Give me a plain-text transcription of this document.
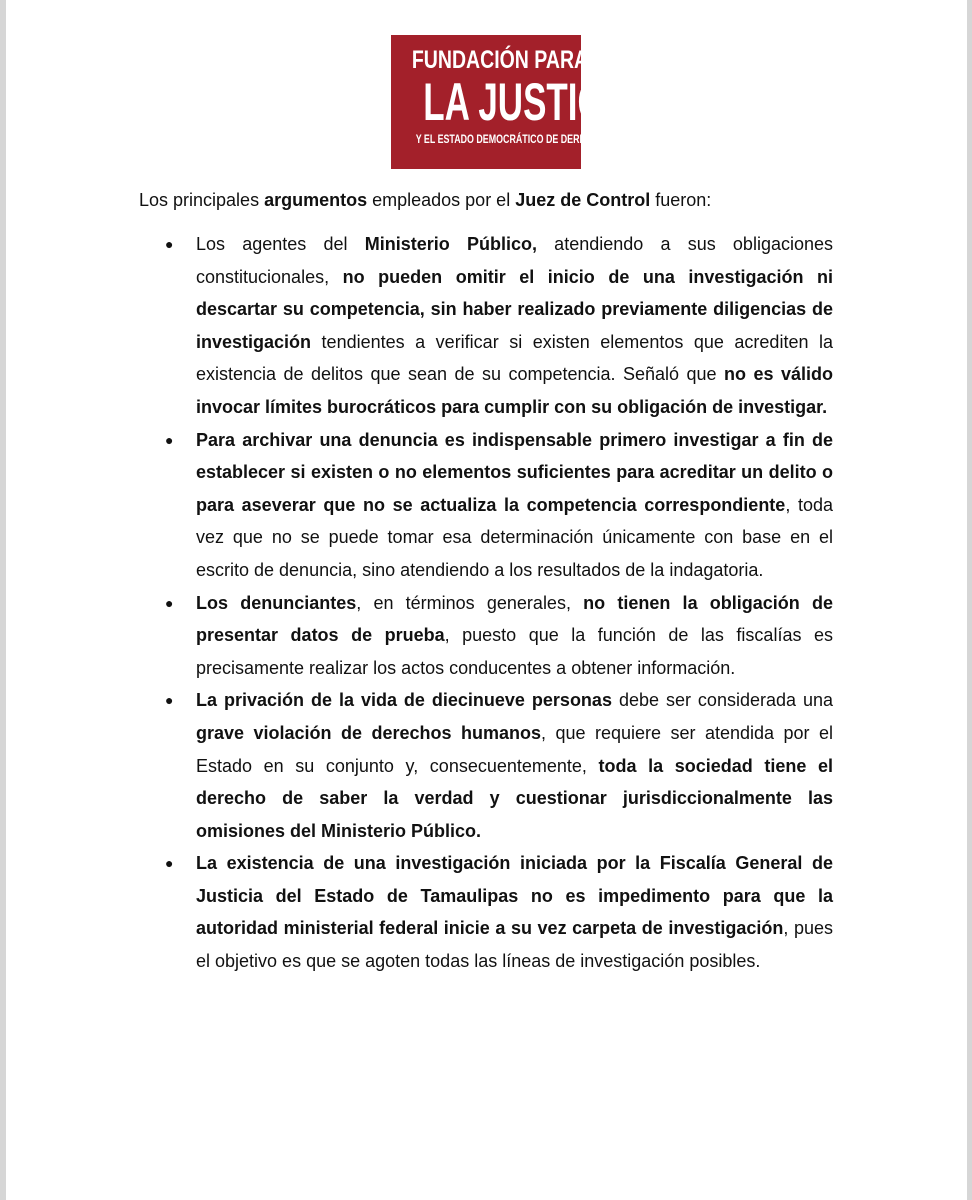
FUNDACIÓN PARA
LA JUSTICIA
Y EL ESTADO DEMOCRÁTICO DE DERECHO

Los principales argumentos empleados por el Juez de Control fueron:

● Los agentes del Ministerio Público, atendiendo a sus obligaciones constitucionales, no pueden omitir el inicio de una investigación ni descartar su competencia, sin haber realizado previamente diligencias de investigación tendientes a verificar si existen elementos que acrediten la existencia de delitos que sean de su competencia. Señaló que no es válido invocar límites burocráticos para cumplir con su obligación de investigar.
● Para archivar una denuncia es indispensable primero investigar a fin de establecer si existen o no elementos suficientes para acreditar un delito o para aseverar que no se actualiza la competencia correspondiente, toda vez que no se puede tomar esa determinación únicamente con base en el escrito de denuncia, sino atendiendo a los resultados de la indagatoria.
● Los denunciantes, en términos generales, no tienen la obligación de presentar datos de prueba, puesto que la función de las fiscalías es precisamente realizar los actos conducentes a obtener información.
● La privación de la vida de diecinueve personas debe ser considerada una grave violación de derechos humanos, que requiere ser atendida por el Estado en su conjunto y, consecuentemente, toda la sociedad tiene el derecho de saber la verdad y cuestionar jurisdiccionalmente las omisiones del Ministerio Público.
● La existencia de una investigación iniciada por la Fiscalía General de Justicia del Estado de Tamaulipas no es impedimento para que la autoridad ministerial federal inicie a su vez carpeta de investigación, pues el objetivo es que se agoten todas las líneas de investigación posibles.
